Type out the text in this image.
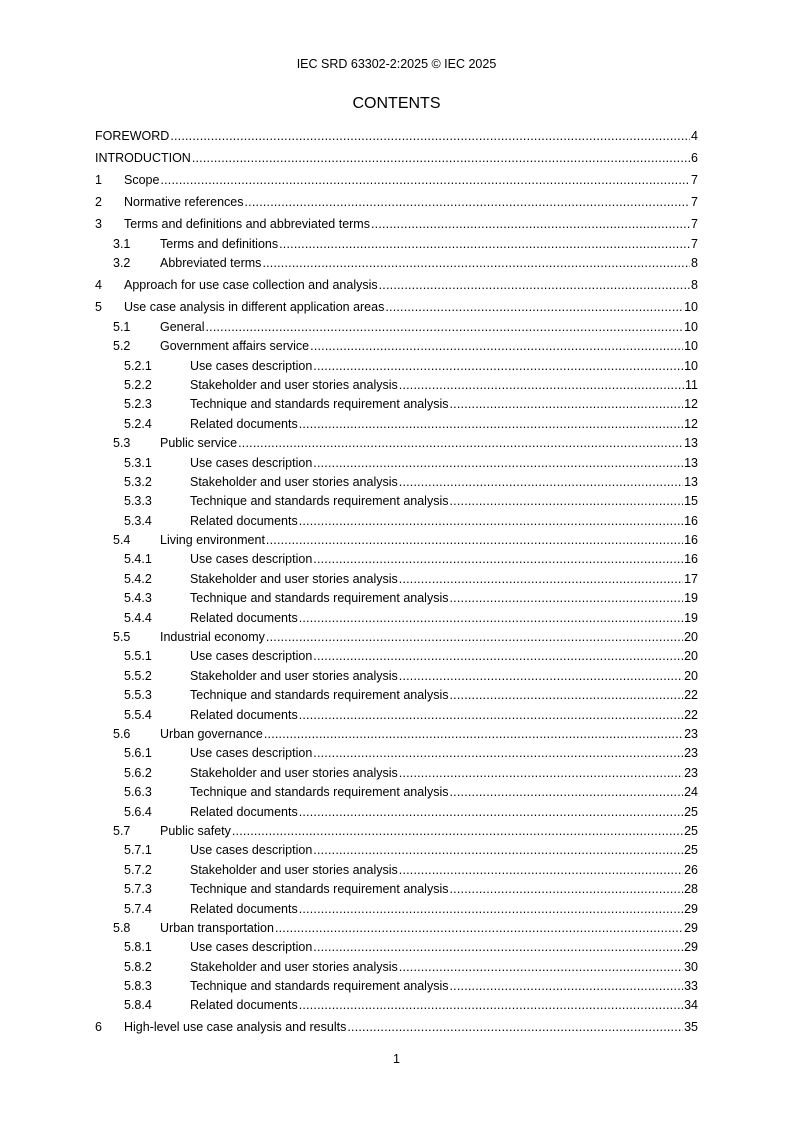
IEC SRD 63302-2:2025 © IEC 2025
CONTENTS
FOREWORD .....	4
INTRODUCTION .....	6
1	Scope .....	7
2	Normative references .....	7
3	Terms and definitions and abbreviated terms .....	7
3.1	Terms and definitions .....	7
3.2	Abbreviated terms .....	8
4	Approach for use case collection and analysis .....	8
5	Use case analysis in different application areas .....	10
5.1	General .....	10
5.2	Government affairs service .....	10
5.2.1	Use cases description .....	10
5.2.2	Stakeholder and user stories analysis .....	11
5.2.3	Technique and standards requirement analysis .....	12
5.2.4	Related documents .....	12
5.3	Public service .....	13
5.3.1	Use cases description .....	13
5.3.2	Stakeholder and user stories analysis .....	13
5.3.3	Technique and standards requirement analysis .....	15
5.3.4	Related documents .....	16
5.4	Living environment .....	16
5.4.1	Use cases description .....	16
5.4.2	Stakeholder and user stories analysis .....	17
5.4.3	Technique and standards requirement analysis .....	19
5.4.4	Related documents .....	19
5.5	Industrial economy .....	20
5.5.1	Use cases description .....	20
5.5.2	Stakeholder and user stories analysis .....	20
5.5.3	Technique and standards requirement analysis .....	22
5.5.4	Related documents .....	22
5.6	Urban governance .....	23
5.6.1	Use cases description .....	23
5.6.2	Stakeholder and user stories analysis .....	23
5.6.3	Technique and standards requirement analysis .....	24
5.6.4	Related documents .....	25
5.7	Public safety .....	25
5.7.1	Use cases description .....	25
5.7.2	Stakeholder and user stories analysis .....	26
5.7.3	Technique and standards requirement analysis .....	28
5.7.4	Related documents .....	29
5.8	Urban transportation .....	29
5.8.1	Use cases description .....	29
5.8.2	Stakeholder and user stories analysis .....	30
5.8.3	Technique and standards requirement analysis .....	33
5.8.4	Related documents .....	34
6	High-level use case analysis and results .....	35
1
